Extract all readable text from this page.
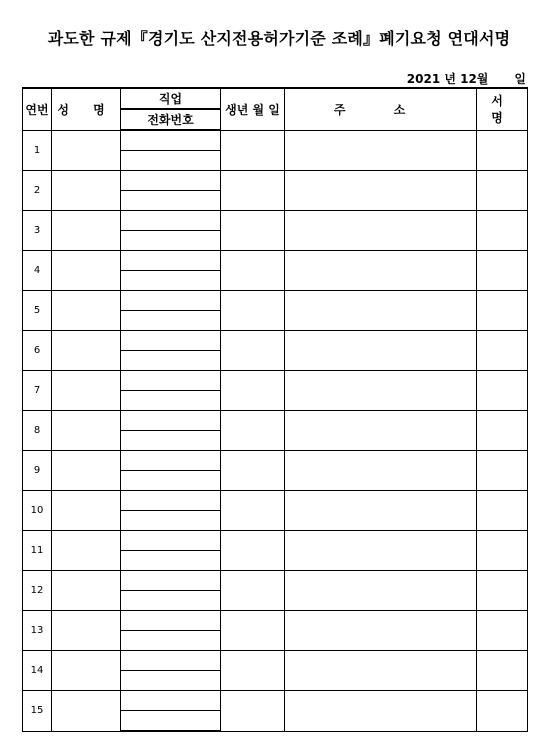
과도한 규제『경기도 산지전용허가기준 조례』폐기요청 연대서명
2021 년 12월 일
연번	성 명	직업	생년 월 일	주 소	서 명
		전화번호			
1					

2					

3					

4					

5					

6					

7					

8					

9					

10					

11					

12					

13					

14					

15					
